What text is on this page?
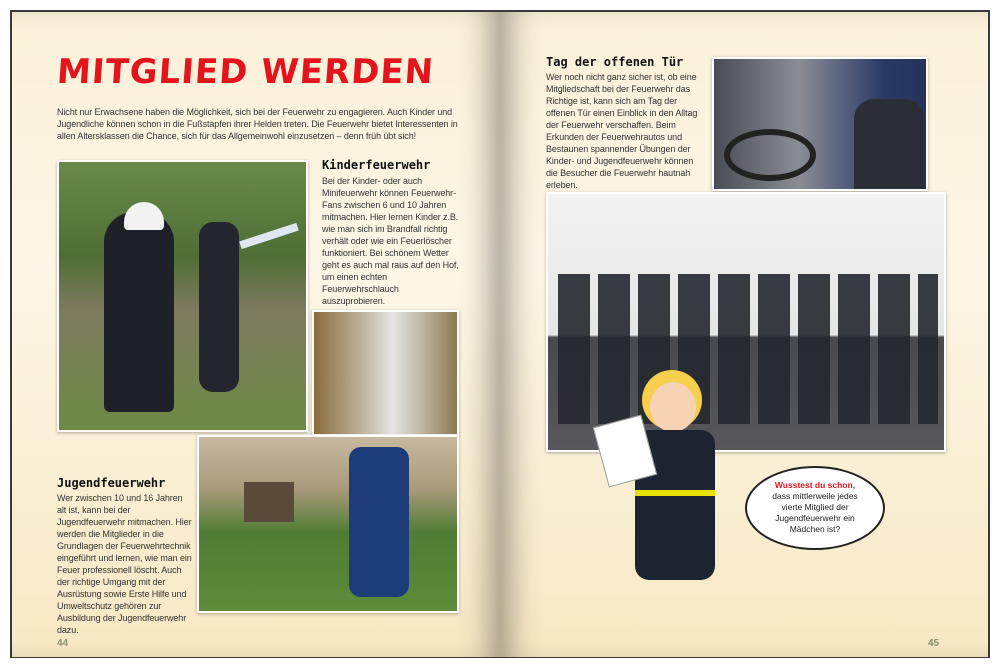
MITGLIED WERDEN
Nicht nur Erwachsene haben die Möglichkeit, sich bei der Feuerwehr zu engagieren. Auch Kinder und Jugendliche können schon in die Fußstapfen ihrer Helden treten. Die Feuerwehr bietet Interessenten in allen Altersklassen die Chance, sich für das Allgemeinwohl einzusetzen – denn früh übt sich!
Kinderfeuerwehr
Bei der Kinder- oder auch Minifeuerwehr können Feuerwehr-Fans zwischen 6 und 10 Jahren mitmachen. Hier lernen Kinder z.B. wie man sich im Brandfall richtig verhält oder wie ein Feuerlöscher funktioniert. Bei schönem Wetter geht es auch mal raus auf den Hof, um einen echten Feuerwehrschlauch auszuprobieren.
Jugendfeuerwehr
Wer zwischen 10 und 16 Jahren alt ist, kann bei der Jugendfeuerwehr mitmachen. Hier werden die Mitglieder in die Grundlagen der Feuerwehrtechnik eingeführt und lernen, wie man ein Feuer professionell löscht. Auch der richtige Umgang mit der Ausrüstung sowie Erste Hilfe und Umweltschutz gehören zur Ausbildung der Jugendfeuerwehr dazu.
44
Tag der offenen Tür
Wer noch nicht ganz sicher ist, ob eine Mitgliedschaft bei der Feuerwehr das Richtige ist, kann sich am Tag der offenen Tür einen Einblick in den Alltag der Feuerwehr verschaffen. Beim Erkunden der Feuerwehrautos und Bestaunen spannender Übungen der Kinder- und Jugendfeuerwehr können die Besucher die Feuerwehr hautnah erleben.
Wusstest du schon,
dass mittlerweile jedes vierte Mitglied der Jugendfeuerwehr ein Mädchen ist?
45
